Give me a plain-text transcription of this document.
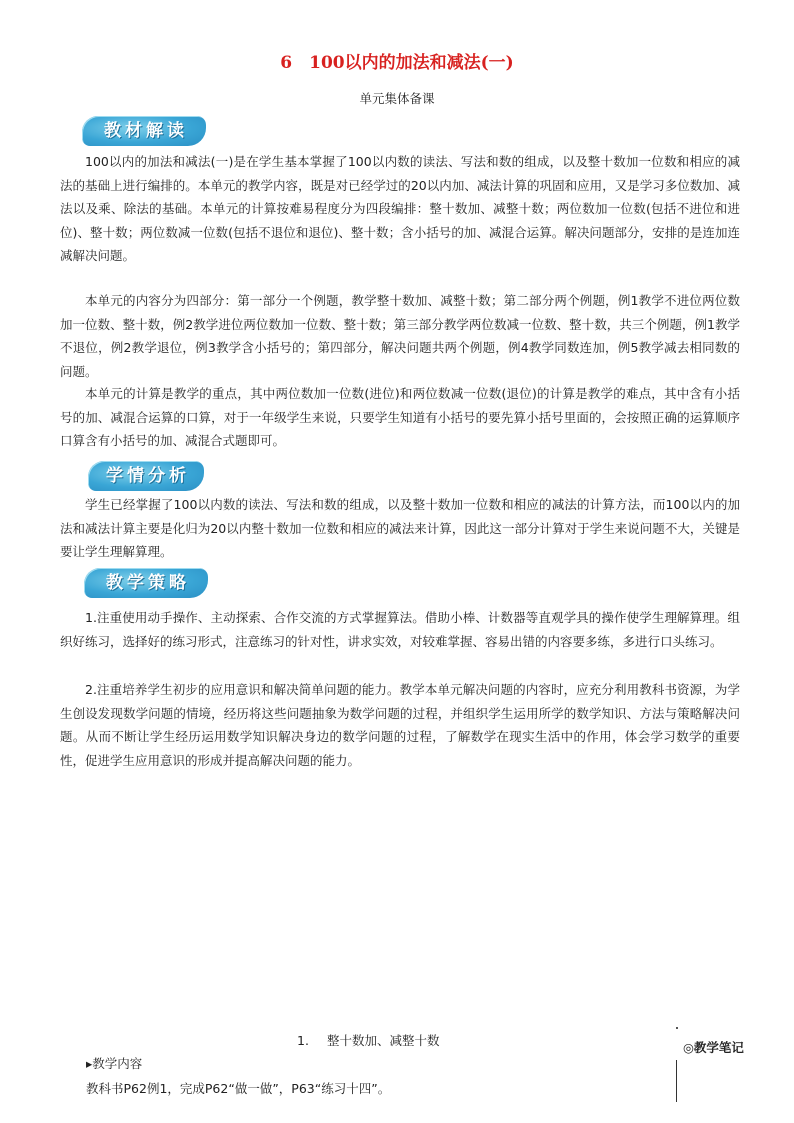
6　100以内的加法和减法(一)
单元集体备课
教材解读

100以内的加法和减法(一)是在学生基本掌握了100以内数的读法、写法和数的组成，以及整十数加一位数和相应的减法的基础上进行编排的。本单元的教学内容，既是对已经学过的20以内加、减法计算的巩固和应用，又是学习多位数加、减法以及乘、除法的基础。本单元的计算按难易程度分为四段编排：整十数加、减整十数；两位数加一位数(包括不进位和进位)、整十数；两位数减一位数(包括不退位和退位)、整十数；含小括号的加、减混合运算。解决问题部分，安排的是连加连减解决问题。

本单元的内容分为四部分：第一部分一个例题，教学整十数加、减整十数；第二部分两个例题，例1教学不进位两位数加一位数、整十数，例2教学进位两位数加一位数、整十数；第三部分教学两位数减一位数、整十数，共三个例题，例1教学不退位，例2教学退位，例3教学含小括号的；第四部分，解决问题共两个例题，例4教学同数连加，例5教学减去相同数的问题。

本单元的计算是教学的重点，其中两位数加一位数(进位)和两位数减一位数(退位)的计算是教学的难点，其中含有小括号的加、减混合运算的口算，对于一年级学生来说，只要学生知道有小括号的要先算小括号里面的，会按照正确的运算顺序口算含有小括号的加、减混合式题即可。

学情分析

学生已经掌握了100以内数的读法、写法和数的组成，以及整十数加一位数和相应的减法的计算方法，而100以内的加法和减法计算主要是化归为20以内整十数加一位数和相应的减法来计算，因此这一部分计算对于学生来说问题不大，关键是要让学生理解算理。

教学策略

1.注重使用动手操作、主动探索、合作交流的方式掌握算法。借助小棒、计数器等直观学具的操作使学生理解算理。组织好练习，选择好的练习形式，注意练习的针对性，讲求实效，对较难掌握、容易出错的内容要多练，多进行口头练习。

2.注重培养学生初步的应用意识和解决简单问题的能力。教学本单元解决问题的内容时，应充分利用教科书资源，为学生创设发现数学问题的情境，经历将这些问题抽象为数学问题的过程，并组织学生运用所学的数学知识、方法与策略解决问题。从而不断让学生经历运用数学知识解决身边的数学问题的过程，了解数学在现实生活中的作用，体会学习数学的重要性，促进学生应用意识的形成并提高解决问题的能力。

1. 整十数加、减整十数	◎教学笔记
▸教学内容
教科书P62例1，完成P62“做一做”，P63“练习十四”。
